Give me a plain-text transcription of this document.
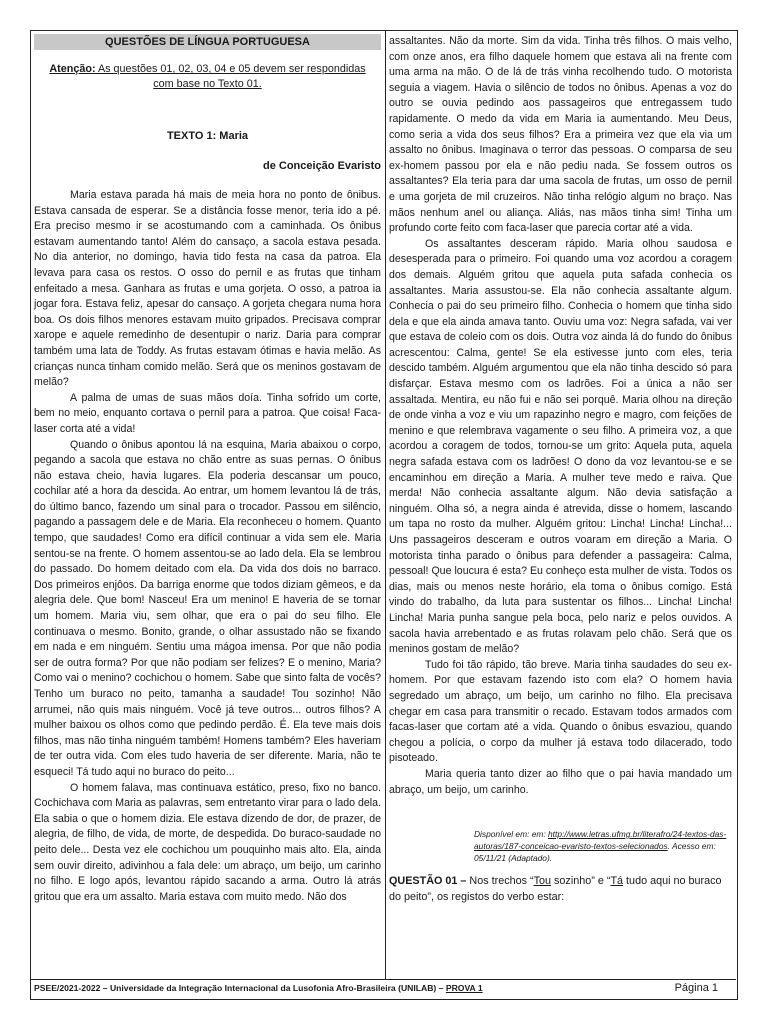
QUESTÕES DE LÍNGUA PORTUGUESA
Atenção: As questões 01, 02, 03, 04 e 05 devem ser respondidas
com base no Texto 01.
TEXTO 1: Maria
de Conceição Evaristo

Maria estava parada há mais de meia hora no ponto de ônibus. Estava cansada de esperar. Se a distância fosse menor, teria ido a pé. Era preciso mesmo ir se acostumando com a caminhada. Os ônibus estavam aumentando tanto! Além do cansaço, a sacola estava pesada. No dia anterior, no domingo, havia tido festa na casa da patroa. Ela levava para casa os restos. O osso do pernil e as frutas que tinham enfeitado a mesa. Ganhara as frutas e uma gorjeta. O osso, a patroa ia jogar fora. Estava feliz, apesar do cansaço. A gorjeta chegara numa hora boa. Os dois filhos menores estavam muito gripados. Precisava comprar xarope e aquele remedinho de desentupir o nariz. Daria para comprar também uma lata de Toddy. As frutas estavam ótimas e havia melão. As crianças nunca tinham comido melão. Será que os meninos gostavam de melão?

A palma de umas de suas mãos doía. Tinha sofrido um corte, bem no meio, enquanto cortava o pernil para a patroa. Que coisa! Faca-laser corta até a vida!

Quando o ônibus apontou lá na esquina, Maria abaixou o corpo, pegando a sacola que estava no chão entre as suas pernas. O ônibus não estava cheio, havia lugares. Ela poderia descansar um pouco, cochilar até a hora da descida. Ao entrar, um homem levantou lá de trás, do último banco, fazendo um sinal para o trocador. Passou em silêncio, pagando a passagem dele e de Maria. Ela reconheceu o homem. Quanto tempo, que saudades! Como era difícil continuar a vida sem ele. Maria sentou-se na frente. O homem assentou-se ao lado dela. Ela se lembrou do passado. Do homem deitado com ela. Da vida dos dois no barraco. Dos primeiros enjôos. Da barriga enorme que todos diziam gêmeos, e da alegria dele. Que bom! Nasceu! Era um menino! E haveria de se tornar um homem. Maria viu, sem olhar, que era o pai do seu filho. Ele continuava o mesmo. Bonito, grande, o olhar assustado não se fixando em nada e em ninguém. Sentiu uma mágoa imensa. Por que não podia ser de outra forma? Por que não podiam ser felizes? E o menino, Maria? Como vai o menino? cochichou o homem. Sabe que sinto falta de vocês? Tenho um buraco no peito, tamanha a saudade! Tou sozinho! Não arrumei, não quis mais ninguém. Você já teve outros... outros filhos? A mulher baixou os olhos como que pedindo perdão. É. Ela teve mais dois filhos, mas não tinha ninguém também! Homens também? Eles haveriam de ter outra vida. Com eles tudo haveria de ser diferente. Maria, não te esqueci! Tá tudo aqui no buraco do peito...

O homem falava, mas continuava estático, preso, fixo no banco. Cochichava com Maria as palavras, sem entretanto virar para o lado dela. Ela sabia o que o homem dizia. Ele estava dizendo de dor, de prazer, de alegria, de filho, de vida, de morte, de despedida. Do buraco-saudade no peito dele... Desta vez ele cochichou um pouquinho mais alto. Ela, ainda sem ouvir direito, adivinhou a fala dele: um abraço, um beijo, um carinho no filho. E logo após, levantou rápido sacando a arma. Outro lá atrás gritou que era um assalto. Maria estava com muito medo. Não dos

assaltantes. Não da morte. Sim da vida. Tinha três filhos. O mais velho, com onze anos, era filho daquele homem que estava ali na frente com uma arma na mão. O de lá de trás vinha recolhendo tudo. O motorista seguia a viagem. Havia o silêncio de todos no ônibus. Apenas a voz do outro se ouvia pedindo aos passageiros que entregassem tudo rapidamente. O medo da vida em Maria ia aumentando. Meu Deus, como seria a vida dos seus filhos? Era a primeira vez que ela via um assalto no ônibus. Imaginava o terror das pessoas. O comparsa de seu ex-homem passou por ela e não pediu nada. Se fossem outros os assaltantes? Ela teria para dar uma sacola de frutas, um osso de pernil e uma gorjeta de mil cruzeiros. Não tinha relógio algum no braço. Nas mãos nenhum anel ou aliança. Aliás, nas mãos tinha sim! Tinha um profundo corte feito com faca-laser que parecia cortar até a vida.

Os assaltantes desceram rápido. Maria olhou saudosa e desesperada para o primeiro. Foi quando uma voz acordou a coragem dos demais. Alguém gritou que aquela puta safada conhecia os assaltantes. Maria assustou-se. Ela não conhecia assaltante algum. Conhecia o pai do seu primeiro filho. Conhecia o homem que tinha sido dela e que ela ainda amava tanto. Ouviu uma voz: Negra safada, vai ver que estava de coleio com os dois. Outra voz ainda lá do fundo do ônibus acrescentou: Calma, gente! Se ela estivesse junto com eles, teria descido também. Alguém argumentou que ela não tinha descido só para disfarçar. Estava mesmo com os ladrões. Foi a única a não ser assaltada. Mentira, eu não fui e não sei porquê. Maria olhou na direção de onde vinha a voz e viu um rapazinho negro e magro, com feições de menino e que relembrava vagamente o seu filho. A primeira voz, a que acordou a coragem de todos, tornou-se um grito: Aquela puta, aquela negra safada estava com os ladrões! O dono da voz levantou-se e se encaminhou em direção a Maria. A mulher teve medo e raiva. Que merda! Não conhecia assaltante algum. Não devia satisfação a ninguém. Olha só, a negra ainda é atrevida, disse o homem, lascando um tapa no rosto da mulher. Alguém gritou: Lincha! Lincha! Lincha!... Uns passageiros desceram e outros voaram em direção a Maria. O motorista tinha parado o ônibus para defender a passageira: Calma, pessoal! Que loucura é esta? Eu conheço esta mulher de vista. Todos os dias, mais ou menos neste horário, ela toma o ônibus comigo. Está vindo do trabalho, da luta para sustentar os filhos... Lincha! Lincha! Lincha! Maria punha sangue pela boca, pelo nariz e pelos ouvidos. A sacola havia arrebentado e as frutas rolavam pelo chão. Será que os meninos gostam de melão?

Tudo foi tão rápido, tão breve. Maria tinha saudades do seu ex-homem. Por que estavam fazendo isto com ela? O homem havia segredado um abraço, um beijo, um carinho no filho. Ela precisava chegar em casa para transmitir o recado. Estavam todos armados com facas-laser que cortam até a vida. Quando o ônibus esvaziou, quando chegou a polícia, o corpo da mulher já estava todo dilacerado, todo pisoteado.

Maria queria tanto dizer ao filho que o pai havia mandado um abraço, um beijo, um carinho.

Disponível em: em: http://www.letras.ufmg.br/literafro/24-textos-das-autoras/187-conceicao-evaristo-textos-selecionados. Acesso em: 05/11/21 (Adaptado).
QUESTÃO 01 – Nos trechos “Tou sozinho” e “Tá tudo aqui no buraco do peito”, os registos do verbo estar:
PSEE/2021-2022 – Universidade da Integração Internacional da Lusofonia Afro-Brasileira (UNILAB) – PROVA 1	Página 1
